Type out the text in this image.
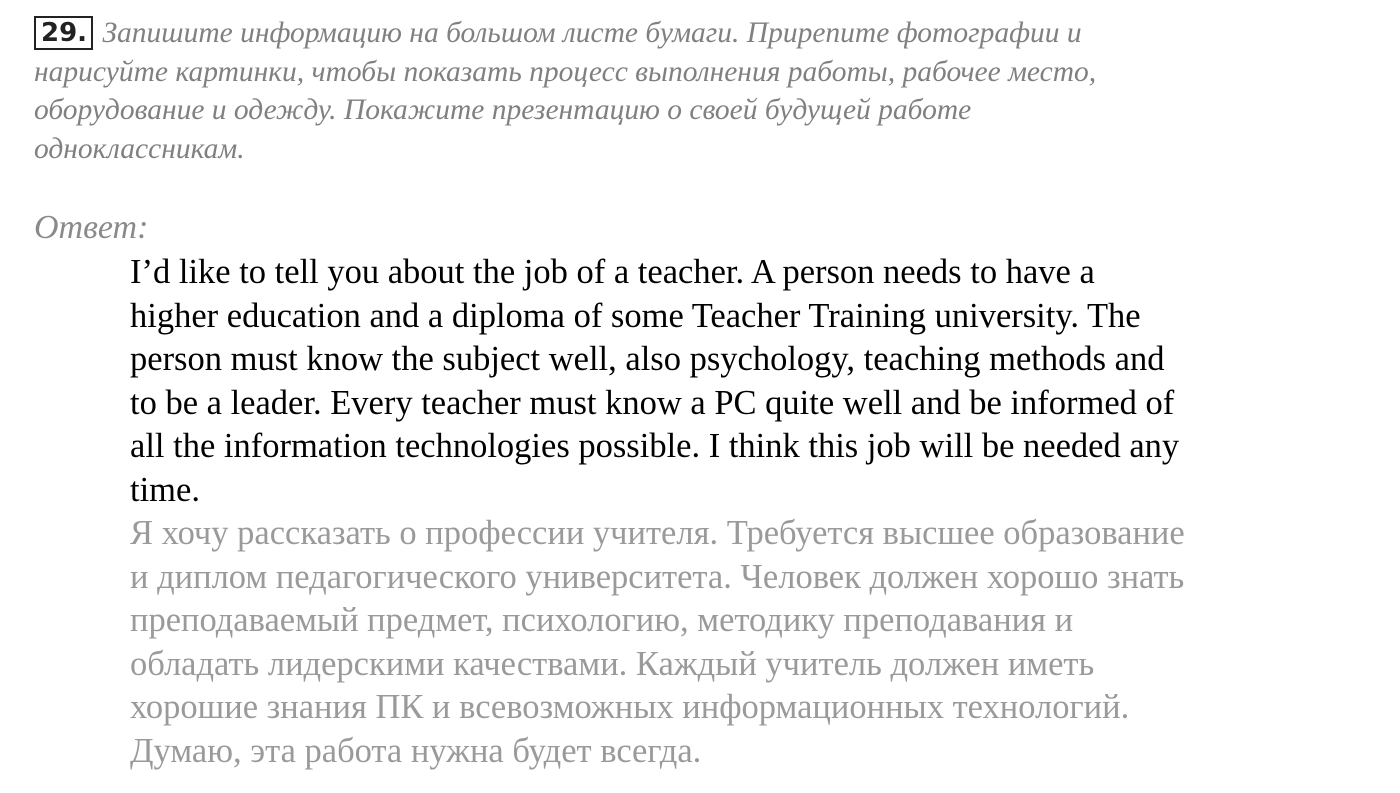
29. Запишите информацию на большом листе бумаги. Прирепите фотографии и
нарисуйте картинки, чтобы показать процесс выполнения работы, рабочее место,
оборудование и одежду. Покажите презентацию о своей будущей работе
одноклассникам.
Ответ:
I’d like to tell you about the job of a teacher. A person needs to have a
higher education and a diploma of some Teacher Training university. The
person must know the subject well, also psychology, teaching methods and
to be a leader. Every teacher must know a PC quite well and be informed of
all the information technologies possible. I think this job will be needed any
time.
Я хочу рассказать о профессии учителя. Требуется высшее образование
и диплом педагогического университета. Человек должен хорошо знать
преподаваемый предмет, психологию, методику преподавания и
обладать лидерскими качествами. Каждый учитель должен иметь
хорошие знания ПК и всевозможных информационных технологий.
Думаю, эта работа нужна будет всегда.
